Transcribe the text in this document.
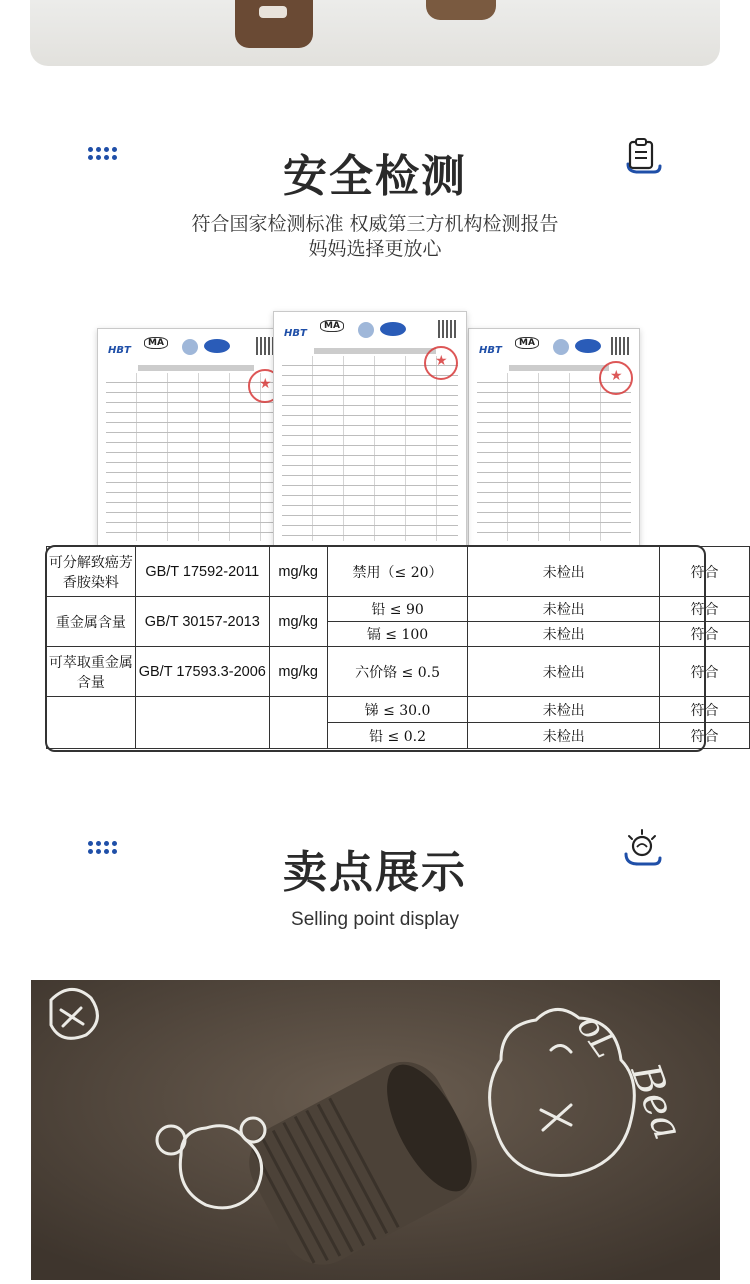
安全检测
符合国家检测标准 权威第三方机构检测报告
妈妈选择更放心
HBT
MA
★
HBT
MA
★
HBT
MA
★
可分解致癌芳香胺染料	GB/T 17592-2011	mg/kg	禁用（≤ 20）	未检出	符合
重金属含量	GB/T 30157-2013	mg/kg	铅 ≤ 90	未检出	符合
			镉 ≤ 100	未检出	符合
可萃取重金属含量	GB/T 17593.3-2006	mg/kg	六价铬 ≤ 0.5	未检出	符合
			锑 ≤ 30.0	未检出	符合
			铅 ≤ 0.2	未检出	符合
卖点展示
Selling point display
Bea
oL
